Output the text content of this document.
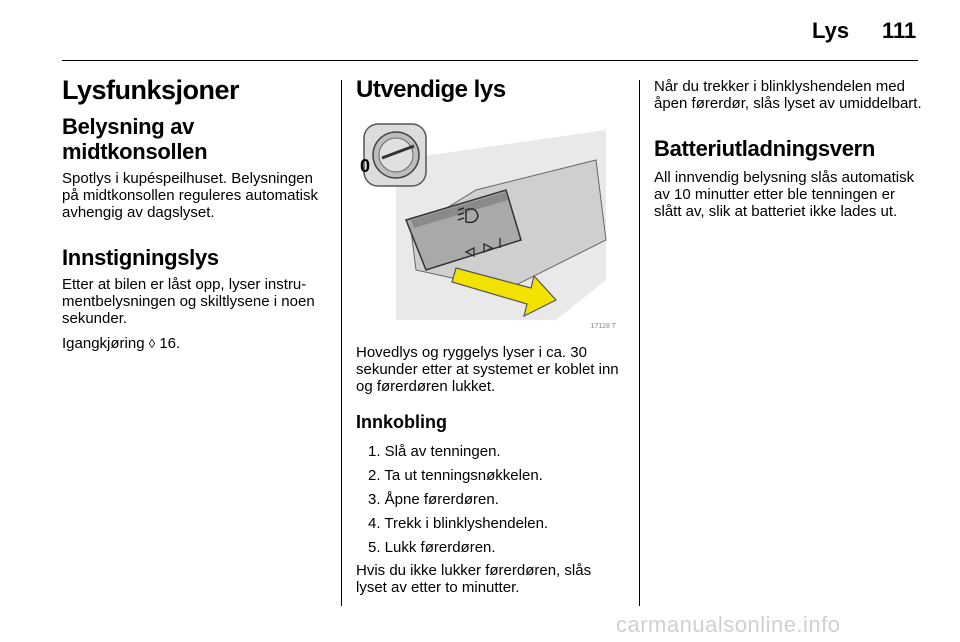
Lys 111
Lysfunksjoner
Belysning av midtkonsollen

Spotlys i kupéspeilhuset. Belysningen på midtkonsollen reguleres automatisk avhengig av dagslyset.

Innstigningslys

Etter at bilen er låst opp, lyser instrumentbelysningen og skiltlysene i noen sekunder.

Igangkjøring ◊ 16.

Utvendige lys
0
17128 T

Hovedlys og ryggelys lyser i ca. 30 sekunder etter at systemet er koblet inn og førerdøren lukket.

Innkobling
1. Slå av tenningen.
2. Ta ut tenningsnøkkelen.
3. Åpne førerdøren.
4. Trekk i blinklyshendelen.
5. Lukk førerdøren.

Hvis du ikke lukker førerdøren, slås lyset av etter to minutter.

Når du trekker i blinklyshendelen med åpen førerdør, slås lyset av umiddelbart.

Batteriutladningsvern

All innvendig belysning slås automatisk av 10 minutter etter ble tenningen er slått av, slik at batteriet ikke lades ut.

carmanualsonline.info
